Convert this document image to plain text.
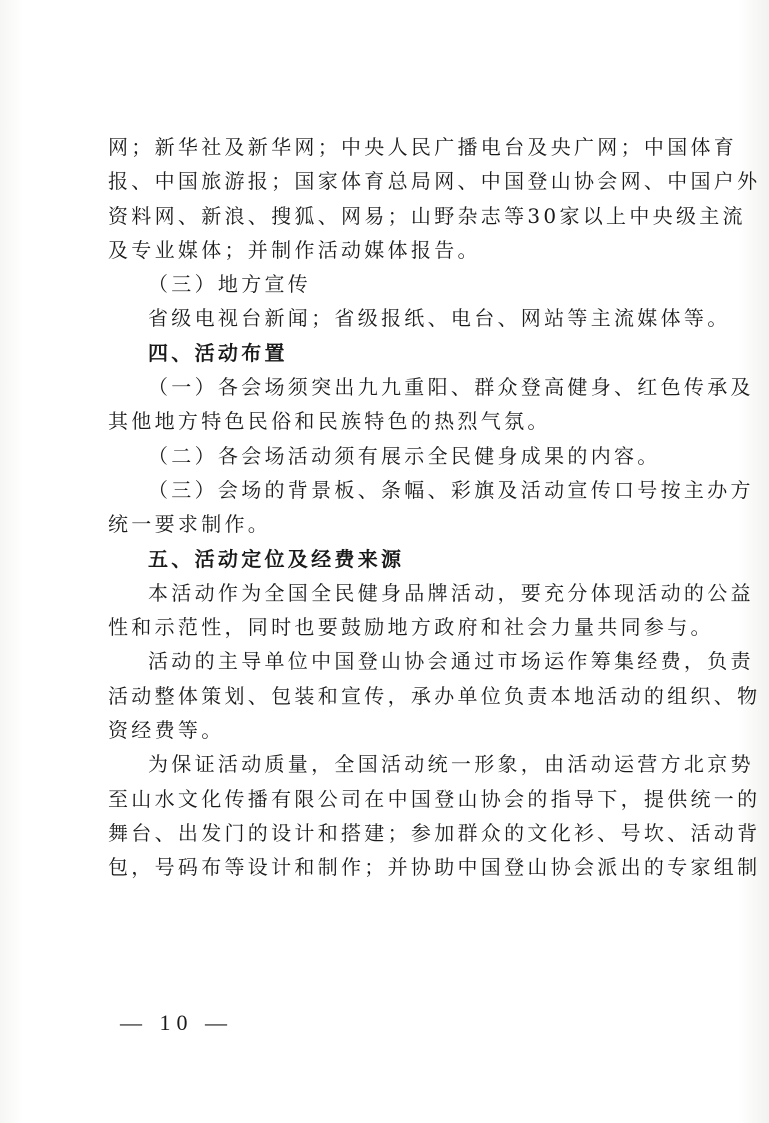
网；新华社及新华网；中央人民广播电台及央广网；中国体育
报、中国旅游报；国家体育总局网、中国登山协会网、中国户外
资料网、新浪、搜狐、网易；山野杂志等30家以上中央级主流
及专业媒体；并制作活动媒体报告。
（三）地方宣传
省级电视台新闻；省级报纸、电台、网站等主流媒体等。
四、活动布置
（一）各会场须突出九九重阳、群众登高健身、红色传承及
其他地方特色民俗和民族特色的热烈气氛。
（二）各会场活动须有展示全民健身成果的内容。
（三）会场的背景板、条幅、彩旗及活动宣传口号按主办方
统一要求制作。
五、活动定位及经费来源
本活动作为全国全民健身品牌活动，要充分体现活动的公益
性和示范性，同时也要鼓励地方政府和社会力量共同参与。
活动的主导单位中国登山协会通过市场运作筹集经费，负责
活动整体策划、包装和宣传，承办单位负责本地活动的组织、物
资经费等。
为保证活动质量，全国活动统一形象，由活动运营方北京势
至山水文化传播有限公司在中国登山协会的指导下，提供统一的
舞台、出发门的设计和搭建；参加群众的文化衫、号坎、活动背
包，号码布等设计和制作；并协助中国登山协会派出的专家组制
— 10 —
